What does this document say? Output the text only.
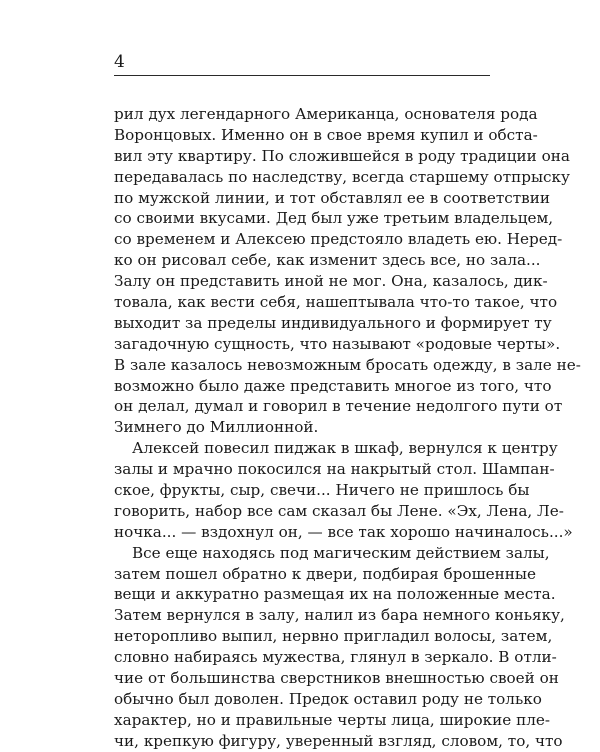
4
рил дух легендарного Американца, основателя рода
Воронцовых. Именно он в свое время купил и обста-
вил эту квартиру. По сложившейся в роду традиции она
передавалась по наследству, всегда старшему отпрыску
по мужской линии, и тот обставлял ее в соответствии
со своими вкусами. Дед был уже третьим владельцем,
со временем и Алексею предстояло владеть ею. Неред-
ко он рисовал себе, как изменит здесь все, но зала...
Залу он представить иной не мог. Она, казалось, дик-
товала, как вести себя, нашептывала что-то такое, что
выходит за пределы индивидуального и формирует ту
загадочную сущность, что называют «родовые черты».
В зале казалось невозможным бросать одежду, в зале не-
возможно было даже представить многое из того, что
он делал, думал и говорил в течение недолгого пути от
Зимнего до Миллионной.
Алексей повесил пиджак в шкаф, вернулся к центру
залы и мрачно покосился на накрытый стол. Шампан-
ское, фрукты, сыр, свечи... Ничего не пришлось бы
говорить, набор все сам сказал бы Лене. «Эх, Лена, Ле-
ночка... — вздохнул он, — все так хорошо начиналось...»
Все еще находясь под магическим действием залы,
затем пошел обратно к двери, подбирая брошенные
вещи и аккуратно размещая их на положенные места.
Затем вернулся в залу, налил из бара немного коньяку,
неторопливо выпил, нервно пригладил волосы, затем,
словно набираясь мужества, глянул в зеркало. В отли-
чие от большинства сверстников внешностью своей он
обычно был доволен. Предок оставил роду не только
характер, но и правильные черты лица, широкие пле-
чи, крепкую фигуру, уверенный взгляд, словом, то, что
